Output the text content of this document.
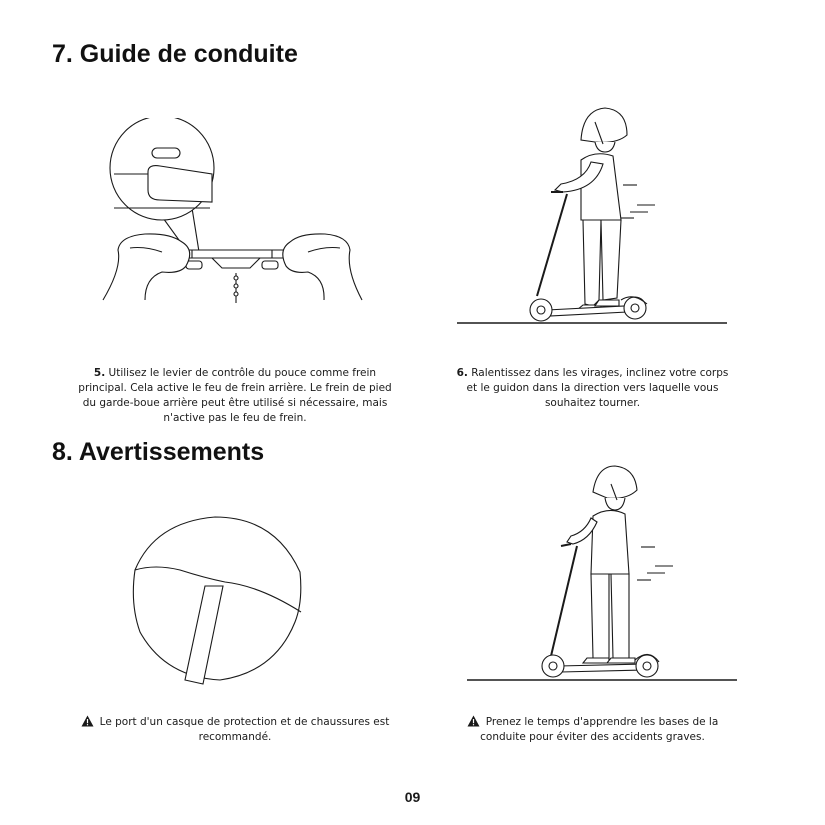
7. Guide de conduite
8. Avertissements
5. Utilisez le levier de contrôle du pouce comme frein principal. Cela active le feu de frein arrière. Le frein de pied du garde-boue arrière peut être utilisé si nécessaire, mais n'active pas le feu de frein.
6. Ralentissez dans les virages, inclinez votre corps et le guidon dans la direction vers laquelle vous souhaitez tourner.
Le port d'un casque de protection et de chaussures est recommandé.
Prenez le temps d'apprendre les bases de la conduite pour éviter des accidents graves.
09
